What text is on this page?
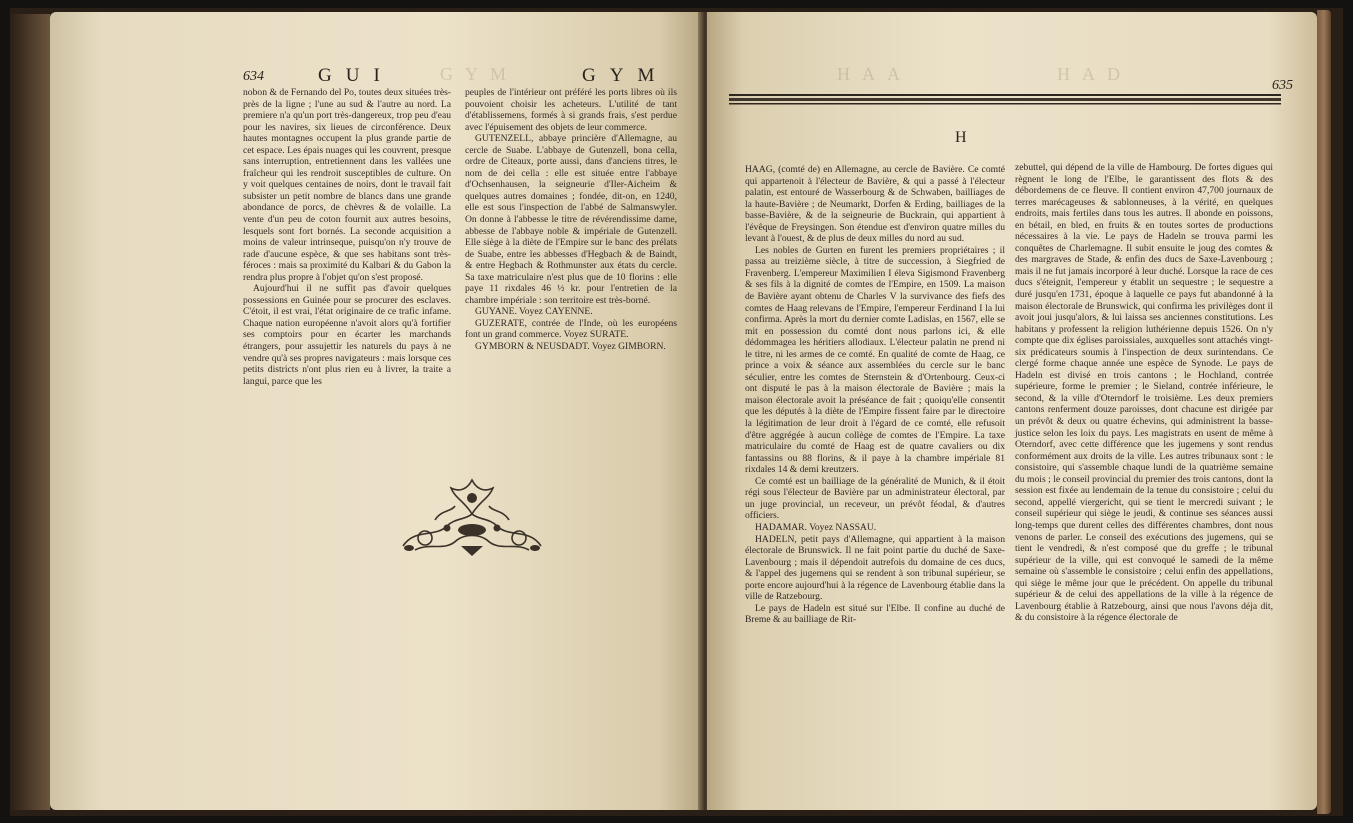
GYM
634	GUI	GYM

nobon & de Fernando del Po, toutes deux situées très-près de la ligne ; l'une au sud & l'autre au nord. La premiere n'a qu'un port très-dangereux, trop peu d'eau pour les navires, six lieues de circonférence. Deux hautes montagnes occupent la plus grande partie de cet espace. Les épais nuages qui les couvrent, presque sans interruption, entretiennent dans les vallées une fraîcheur qui les rendroit susceptibles de culture. On y voit quelques centaines de noirs, dont le travail fait subsister un petit nombre de blancs dans une grande abondance de porcs, de chèvres & de volaille. La vente d'un peu de coton fournit aux autres besoins, lesquels sont fort bornés. La seconde acquisition a moins de valeur intrinseque, puisqu'on n'y trouve de rade d'aucune espèce, & que ses habitans sont très-féroces : mais sa proximité du Kalbari & du Gabon la rendra plus propre à l'objet qu'on s'est proposé.

Aujourd'hui il ne suffit pas d'avoir quelques possessions en Guinée pour se procurer des esclaves. C'étoit, il est vrai, l'état originaire de ce trafic infame. Chaque nation européenne n'avoit alors qu'à fortifier ses comptoirs pour en écarter les marchands étrangers, pour assujettir les naturels du pays à ne vendre qu'à ses propres navigateurs : mais lorsque ces petits districts n'ont plus rien eu à livrer, la traite a langui, parce que les

peuples de l'intérieur ont préféré les ports libres où ils pouvoient choisir les acheteurs. L'utilité de tant d'établissemens, formés à si grands frais, s'est perdue avec l'épuisement des objets de leur commerce.

GUTENZELL, abbaye princière d'Allemagne, au cercle de Suabe. L'abbaye de Gutenzell, bona cella, ordre de Citeaux, porte aussi, dans d'anciens titres, le nom de dei cella : elle est située entre l'abbaye d'Ochsenhausen, la seigneurie d'Iler-Aicheim & quelques autres domaines ; fondée, dit-on, en 1240, elle est sous l'inspection de l'abbé de Salmanswyler. On donne à l'abbesse le titre de révérendissime dame, abbesse de l'abbaye noble & impériale de Gutenzell. Elle siège à la diète de l'Empire sur le banc des prélats de Suabe, entre les abbesses d'Hegbach & de Baindt, & entre Hegbach & Rothmunster aux états du cercle. Sa taxe matriculaire n'est plus que de 10 florins : elle paye 11 rixdales 46 ½ kr. pour l'entretien de la chambre impériale : son territoire est très-borné.

GUYANE. Voyez CAYENNE.

GUZERATE, contrée de l'Inde, où les européens font un grand commerce. Voyez SURATE.

GYMBORN & NEUSDADT. Voyez GIMBORN.

HAA	HAD
635
H

HAAG, (comté de) en Allemagne, au cercle de Bavière. Ce comté qui appartenoit à l'électeur de Bavière, & qui a passé à l'électeur palatin, est entouré de Wasserbourg & de Schwaben, bailliages de la haute-Bavière ; de Neumarkt, Dorfen & Erding, bailliages de la basse-Bavière, & de la seigneurie de Buckrain, qui appartient à l'évêque de Freysingen. Son étendue est d'environ quatre milles du levant à l'ouest, & de plus de deux milles du nord au sud.

Les nobles de Gurten en furent les premiers propriétaires ; il passa au treizième siècle, à titre de succession, à Siegfried de Fravenberg. L'empereur Maximilien I éleva Sigismond Fravenberg & ses fils à la dignité de comtes de l'Empire, en 1509. La maison de Bavière ayant obtenu de Charles V la survivance des fiefs des comtes de Haag relevans de l'Empire, l'empereur Ferdinand I la lui confirma. Après la mort du dernier comte Ladislas, en 1567, elle se mit en possession du comté dont nous parlons ici, & elle dédommagea les héritiers allodiaux. L'électeur palatin ne prend ni le titre, ni les armes de ce comté. En qualité de comte de Haag, ce prince a voix & séance aux assemblées du cercle sur le banc séculier, entre les comtes de Sternstein & d'Ortenbourg. Ceux-ci ont disputé le pas à la maison électorale de Bavière ; mais la maison électorale avoit la préséance de fait ; quoiqu'elle consentit que les députés à la diète de l'Empire fissent faire par le directoire la légitimation de leur droit à l'égard de ce comté, elle refusoit d'être aggrégée à aucun collège de comtes de l'Empire. La taxe matriculaire du comté de Haag est de quatre cavaliers ou dix fantassins ou 88 florins, & il paye à la chambre impériale 81 rixdales 14 & demi kreutzers.

Ce comté est un bailliage de la généralité de Munich, & il étoit régi sous l'électeur de Bavière par un administrateur électoral, par un juge provincial, un receveur, un prévôt féodal, & d'autres officiers.

HADAMAR. Voyez NASSAU.

HADELN, petit pays d'Allemagne, qui appartient à la maison électorale de Brunswick. Il ne fait point partie du duché de Saxe-Lavenbourg ; mais il dépendoit autrefois du domaine de ces ducs, & l'appel des jugemens qui se rendent à son tribunal supérieur, se porte encore aujourd'hui à la régence de Lavenbourg établie dans la ville de Ratzebourg.

Le pays de Hadeln est situé sur l'Elbe. Il confine au duché de Breme & au bailliage de Rit-

zebuttel, qui dépend de la ville de Hambourg. De fortes digues qui règnent le long de l'Elbe, le garantissent des flots & des débordemens de ce fleuve. Il contient environ 47,700 journaux de terres marécageuses & sablonneuses, à la vérité, en quelques endroits, mais fertiles dans tous les autres. Il abonde en poissons, en bétail, en bled, en fruits & en toutes sortes de productions nécessaires à la vie. Le pays de Hadeln se trouva parmi les conquêtes de Charlemagne. Il subit ensuite le joug des comtes & des margraves de Stade, & enfin des ducs de Saxe-Lavenbourg ; mais il ne fut jamais incorporé à leur duché. Lorsque la race de ces ducs s'éteignit, l'empereur y établit un sequestre ; le sequestre a duré jusqu'en 1731, époque à laquelle ce pays fut abandonné à la maison électorale de Brunswick, qui confirma les privilèges dont il avoit joui jusqu'alors, & lui laissa ses anciennes constitutions. Les habitans y professent la religion luthérienne depuis 1526. On n'y compte que dix églises paroissiales, auxquelles sont attachés vingt-six prédicateurs soumis à l'inspection de deux surintendans. Ce clergé forme chaque année une espèce de Synode. Le pays de Hadeln est divisé en trois cantons ; le Hochland, contrée supérieure, forme le premier ; le Sieland, contrée inférieure, le second, & la ville d'Oterndorf le troisième. Les deux premiers cantons renferment douze paroisses, dont chacune est dirigée par un prévôt & deux ou quatre échevins, qui administrent la basse-justice selon les loix du pays. Les magistrats en usent de même à Oterndorf, avec cette différence que les jugemens y sont rendus conformément aux droits de la ville. Les autres tribunaux sont : le consistoire, qui s'assemble chaque lundi de la quatrième semaine du mois ; le conseil provincial du premier des trois cantons, dont la session est fixée au lendemain de la tenue du consistoire ; celui du second, appellé viergericht, qui se tient le mercredi suivant ; le conseil supérieur qui siège le jeudi, & continue ses séances aussi long-temps que durent celles des différentes chambres, dont nous venons de parler. Le conseil des exécutions des jugemens, qui se tient le vendredi, & n'est composé que du greffe ; le tribunal supérieur de la ville, qui est convoqué le samedi de la même semaine où s'assemble le consistoire ; celui enfin des appellations, qui siège le même jour que le précédent. On appelle du tribunal supérieur & de celui des appellations de la ville à la régence de Lavenbourg établie à Ratzebourg, ainsi que nous l'avons déja dit, & du consistoire à la régence électorale de
